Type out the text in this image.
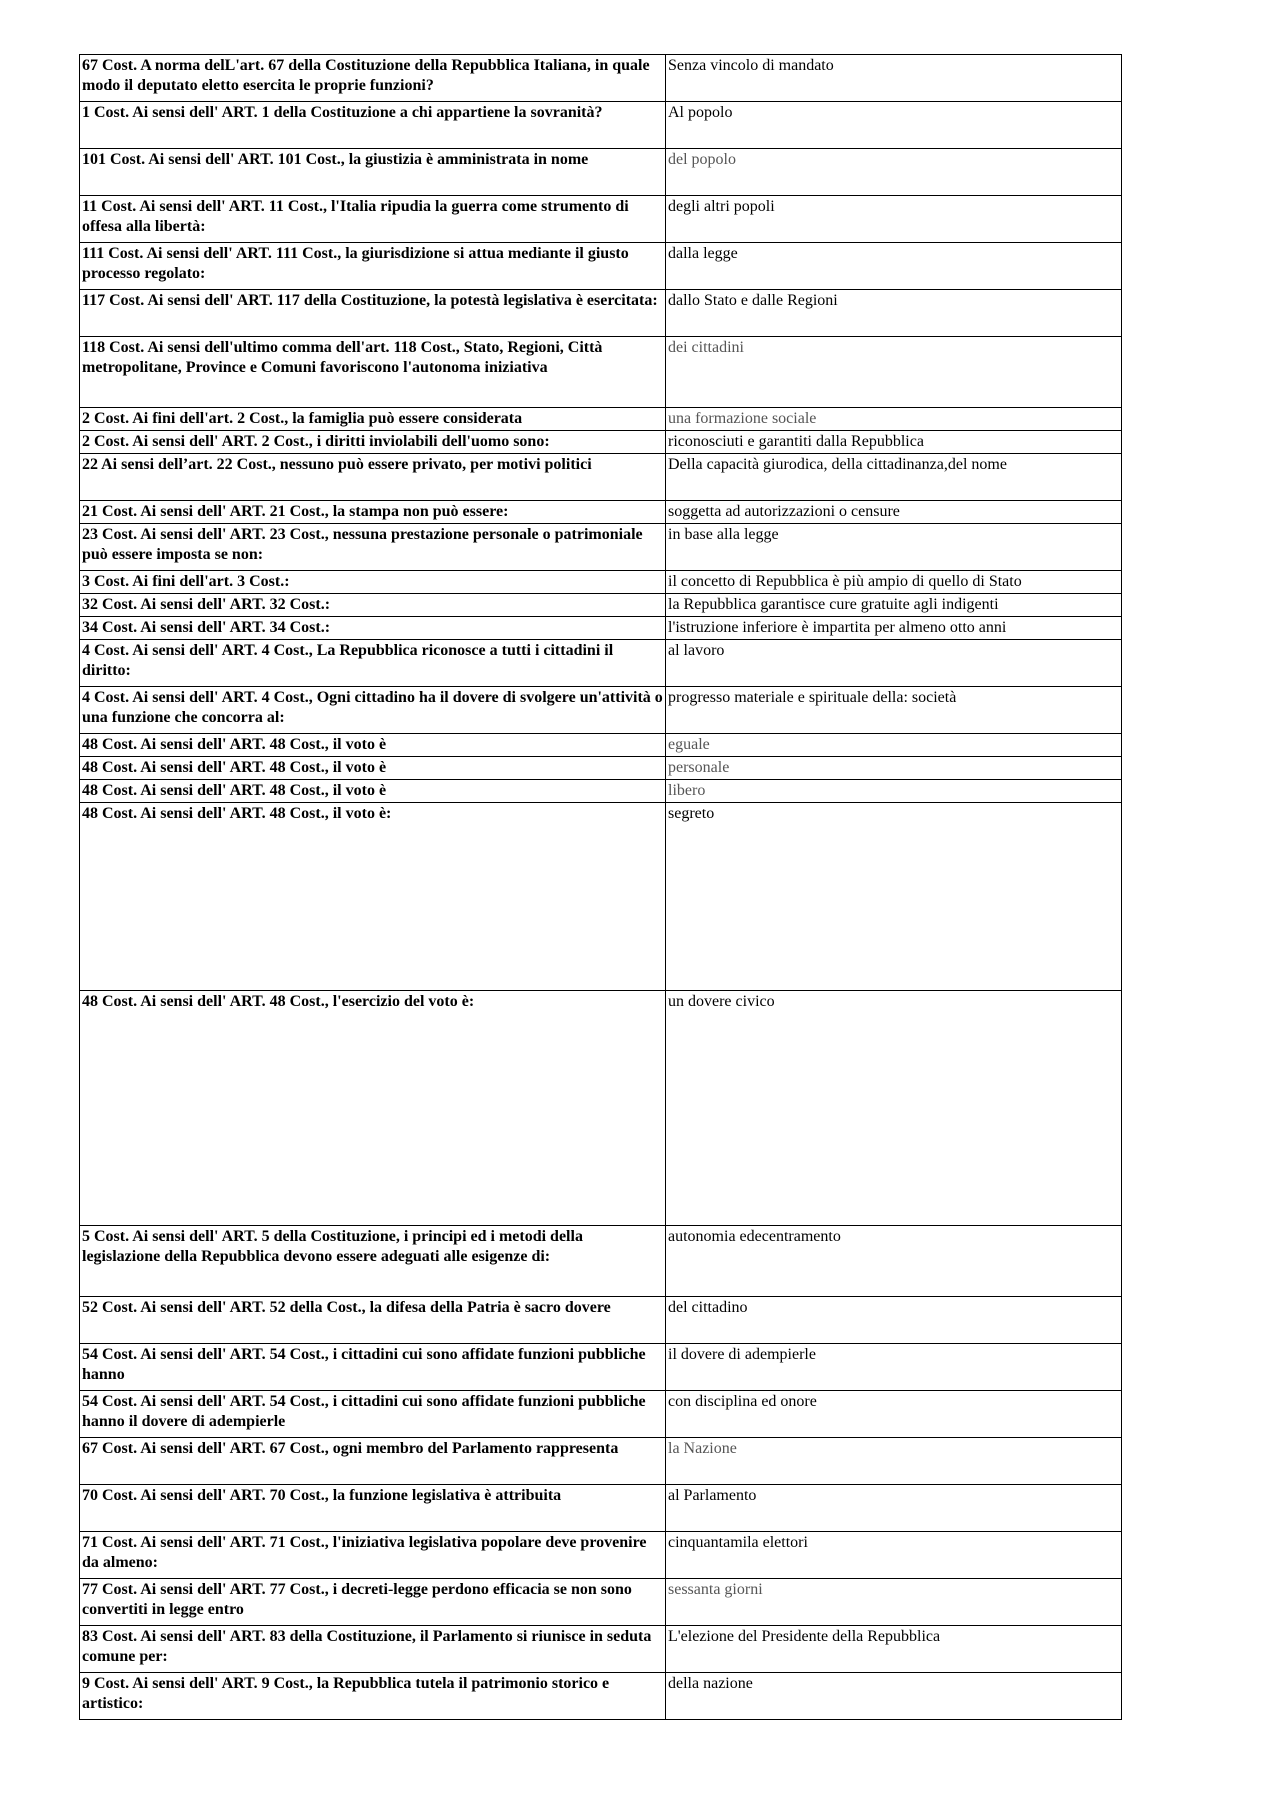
67 Cost. A norma delL'art. 67 della Costituzione della Repubblica Italiana, in quale modo il deputato eletto esercita le proprie funzioni?	Senza vincolo di mandato
1 Cost. Ai sensi dell' ART. 1 della Costituzione a chi appartiene la sovranità?	Al popolo
101 Cost. Ai sensi dell' ART. 101 Cost., la giustizia è amministrata in nome	del popolo
11 Cost. Ai sensi dell' ART. 11 Cost., l'Italia ripudia la guerra come strumento di offesa alla libertà:	degli altri popoli
111 Cost. Ai sensi dell' ART. 111 Cost., la giurisdizione si attua mediante il giusto processo regolato:	dalla legge
117 Cost. Ai sensi dell' ART. 117 della Costituzione, la potestà legislativa è esercitata:	dallo Stato e dalle Regioni
118 Cost. Ai sensi dell'ultimo comma dell'art. 118 Cost., Stato, Regioni, Città metropolitane, Province e Comuni favoriscono l'autonoma iniziativa	dei cittadini
2 Cost. Ai fini dell'art. 2 Cost., la famiglia può essere considerata	una formazione sociale
2 Cost. Ai sensi dell' ART. 2 Cost., i diritti inviolabili dell'uomo sono:	riconosciuti e garantiti dalla Repubblica
22 Ai sensi dell’art. 22 Cost., nessuno può essere privato, per motivi politici	Della capacità giurodica, della cittadinanza,del nome
21 Cost. Ai sensi dell' ART. 21 Cost., la stampa non può essere:	soggetta ad autorizzazioni o censure
23 Cost. Ai sensi dell' ART. 23 Cost., nessuna prestazione personale o patrimoniale può essere imposta se non:	in base alla legge
3 Cost. Ai fini dell'art. 3 Cost.:	il concetto di Repubblica è più ampio di quello di Stato
32 Cost. Ai sensi dell' ART. 32 Cost.:	la Repubblica garantisce cure gratuite agli indigenti
34 Cost. Ai sensi dell' ART. 34 Cost.:	l'istruzione inferiore è impartita per almeno otto anni
4 Cost. Ai sensi dell' ART. 4 Cost., La Repubblica riconosce a tutti i cittadini il diritto:	al lavoro
4 Cost. Ai sensi dell' ART. 4 Cost., Ogni cittadino ha il dovere di svolgere un'attività o una funzione che concorra al:	progresso materiale e spirituale della: società
48 Cost. Ai sensi dell' ART. 48 Cost., il voto è	eguale
48 Cost. Ai sensi dell' ART. 48 Cost., il voto è	personale
48 Cost. Ai sensi dell' ART. 48 Cost., il voto è	libero
48 Cost. Ai sensi dell' ART. 48 Cost., il voto è:	segreto
48 Cost. Ai sensi dell' ART. 48 Cost., l'esercizio del voto è:	un dovere civico
5 Cost. Ai sensi dell' ART. 5 della Costituzione, i principi ed i metodi della legislazione della Repubblica devono essere adeguati alle esigenze di:	autonomia edecentramento
52 Cost. Ai sensi dell' ART. 52 della Cost., la difesa della Patria è sacro dovere	del cittadino
54 Cost. Ai sensi dell' ART. 54 Cost., i cittadini cui sono affidate funzioni pubbliche hanno	il dovere di adempierle
54 Cost. Ai sensi dell' ART. 54 Cost., i cittadini cui sono affidate funzioni pubbliche hanno il dovere di adempierle	con disciplina ed onore
67 Cost. Ai sensi dell' ART. 67 Cost., ogni membro del Parlamento rappresenta	la Nazione
70 Cost. Ai sensi dell' ART. 70 Cost., la funzione legislativa è attribuita	al Parlamento
71 Cost. Ai sensi dell' ART. 71 Cost., l'iniziativa legislativa popolare deve provenire da almeno:	cinquantamila elettori
77 Cost. Ai sensi dell' ART. 77 Cost., i decreti-legge perdono efficacia se non sono convertiti in legge entro	sessanta giorni
83 Cost. Ai sensi dell' ART. 83 della Costituzione, il Parlamento si riunisce in seduta comune per:	L'elezione del Presidente della Repubblica
9 Cost. Ai sensi dell' ART. 9 Cost., la Repubblica tutela il patrimonio storico e artistico:	della nazione
